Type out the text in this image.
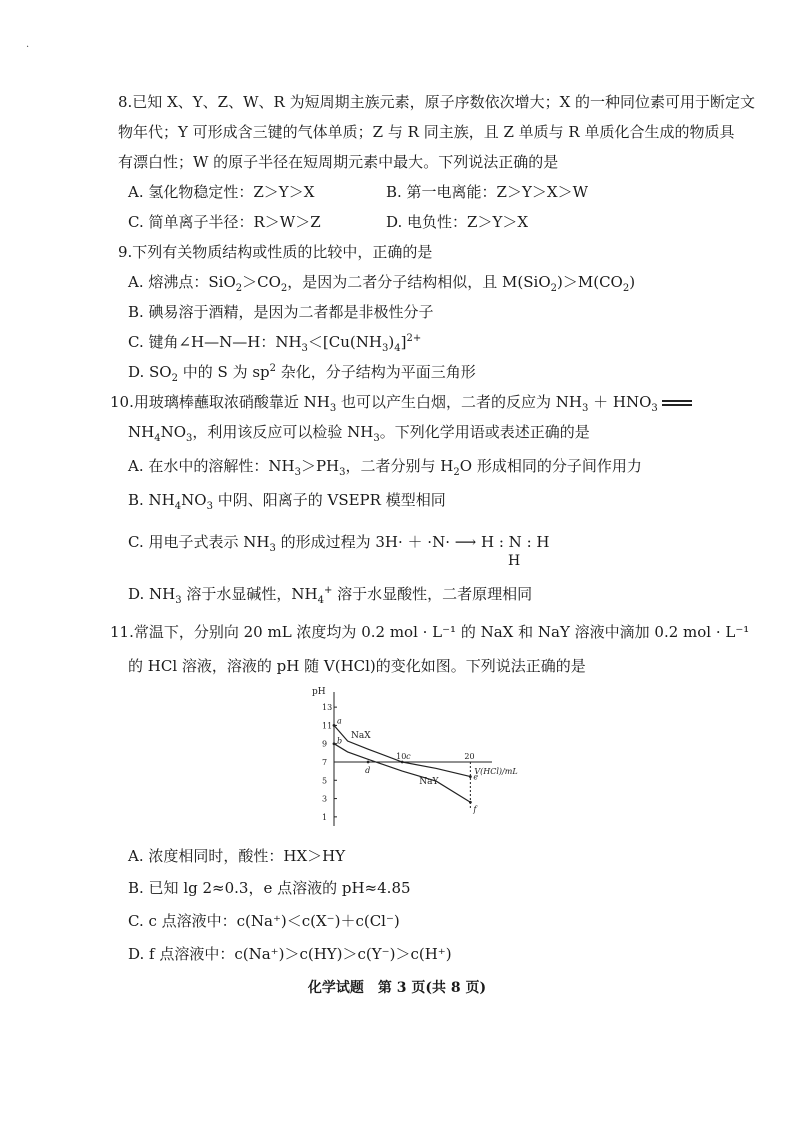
·
8.已知 X、Y、Z、W、R 为短周期主族元素，原子序数依次增大；X 的一种同位素可用于断定文
物年代；Y 可形成含三键的气体单质；Z 与 R 同主族，且 Z 单质与 R 单质化合生成的物质具
有漂白性；W 的原子半径在短周期元素中最大。下列说法正确的是
A. 氢化物稳定性：Z＞Y＞X	B. 第一电离能：Z＞Y＞X＞W
C. 简单离子半径：R＞W＞Z	D. 电负性：Z＞Y＞X
9.下列有关物质结构或性质的比较中，正确的是
A. 熔沸点：$SiO_2>CO_2$，是因为二者分子结构相似，且 $M(SiO_2)>M(CO_2)$
B. 碘易溶于酒精，是因为二者都是非极性分子
C. 键角∠H—N—H：$NH_3<[Cu(NH_3)_4]^{2+}$
D. $SO_2$ 中的 S 为 $sp^2$ 杂化，分子结构为平面三角形
10.用玻璃棒蘸取浓硝酸靠近 $NH_3$ 也可以产生白烟，二者的反应为 $NH_3 + HNO_3$
$NH_4NO_3$，利用该反应可以检验 $NH_3$。下列化学用语或表述正确的是
A. 在水中的溶解性：$NH_3>PH_3$，二者分别与 $H_2O$ 形成相同的分子间作用力
B. $NH_4NO_3$ 中阴、阳离子的 VSEPR 模型相同
C. 用电子式表示 $NH_3$ 的形成过程为 3H· ＋ ·N· ⟶ H : N : H
H
D. $NH_3$ 溶于水显碱性，$NH_4^+$ 溶于水显酸性，二者原理相同
11.常温下，分别向 20 mL 浓度均为 0.2 mol · L⁻¹ 的 NaX 和 NaY 溶液中滴加 0.2 mol · L⁻¹
的 HCl 溶液，溶液的 pH 随 V(HCl)的变化如图。下列说法正确的是
pH
V(HCl)/mL
1
3
5
7
9
11
13
10	20
NaX
NaY
a
b
c
d
e
f
A. 浓度相同时，酸性：HX＞HY
B. 已知 lg 2≈0.3，e 点溶液的 pH≈4.85
C. c 点溶液中：c(Na⁺)＜c(X⁻)＋c(Cl⁻)
D. f 点溶液中：c(Na⁺)＞c(HY)＞c(Y⁻)＞c(H⁺)
化学试题　第 3 页(共 8 页)
